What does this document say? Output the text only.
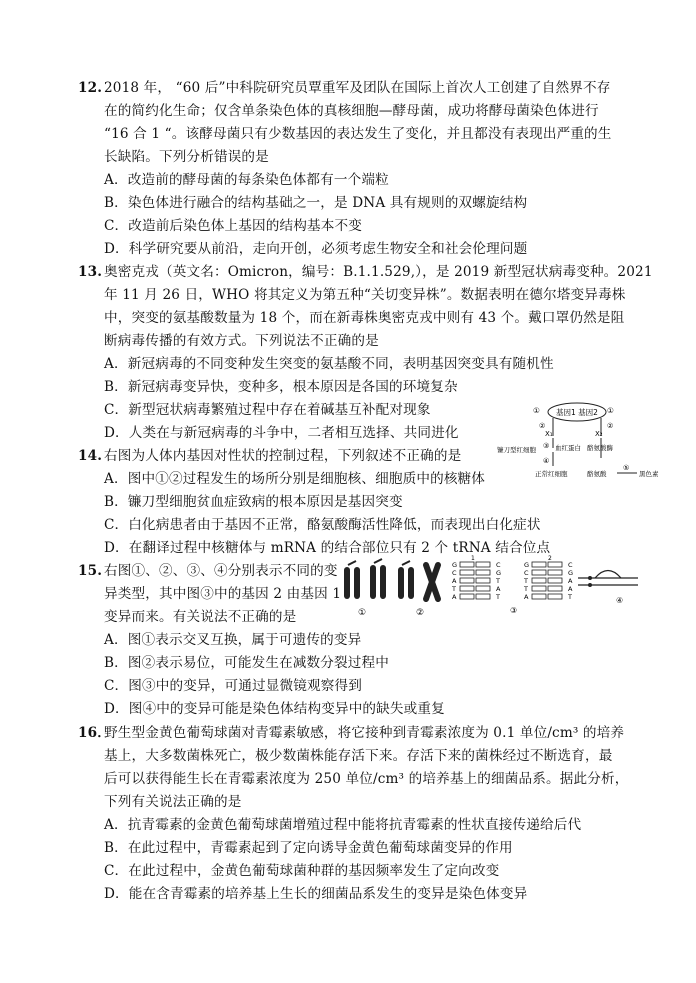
12. 2018 年， “60 后”中科院研究员覃重军及团队在国际上首次人工创建了自然界不存
在的简约化生命；仅含单条染色体的真核细胞—酵母菌，成功将酵母菌染色体进行
“16 合 1 “。该酵母菌只有少数基因的表达发生了变化，并且都没有表现出严重的生
长缺陷。下列分析错误的是
A．改造前的酵母菌的每条染色体都有一个端粒
B．染色体进行融合的结构基础之一，是 DNA 具有规则的双螺旋结构
C．改造前后染色体上基因的结构基本不变
D．科学研究要从前沿，走向开创，必须考虑生物安全和社会伦理问题
13. 奥密克戎（英文名：Omicron，编号：B.1.1.529,），是 2019 新型冠状病毒变种。2021
年 11 月 26 日，WHO 将其定义为第五种“关切变异株”。数据表明在德尔塔变异毒株
中，突变的氨基酸数量为 18 个，而在新毒株奥密克戎中则有 43 个。戴口罩仍然是阻
断病毒传播的有效方式。下列说法不正确的是
A．新冠病毒的不同变种发生突变的氨基酸不同，表明基因突变具有随机性
B．新冠病毒变异快，变种多，根本原因是各国的环境复杂
C．新型冠状病毒繁殖过程中存在着碱基互补配对现象
D．人类在与新冠病毒的斗争中，二者相互选择、共同进化
14. 右图为人体内基因对性状的控制过程，下列叙述不正确的是
A．图中①②过程发生的场所分别是细胞核、细胞质中的核糖体
B．镰刀型细胞贫血症致病的根本原因是基因突变
C．白化病患者由于基因不正常，酪氨酸酶活性降低，而表现出白化症状
D．在翻译过程中核糖体与 mRNA 的结合部位只有 2 个 tRNA 结合位点
基因1 基因2
①	①
X₁	X₂
②	②
血红蛋白
③
镰刀型红细胞
④
正常红细胞
酪氨酸酶
酪氨酸
⑤
黑色素
15. 右图①、②、③、④分别表示不同的变
异类型，其中图③中的基因 2 由基因 1
变异而来。有关说法不正确的是
A．图①表示交叉互换，属于可遗传的变异
B．图②表示易位，可能发生在减数分裂过程中
C．图③中的变异，可通过显微镜观察得到
D．图④中的变异可能是染色体结构变异中的缺失或重复
①	②
1	2
G
C
A
T
A
C
G
T
A
T
G
C
T
T
A
C
G
A
A
T
③
④
16．
野生型金黄色葡萄球菌对青霉素敏感，将它接种到青霉素浓度为 0.1 单位/cm³ 的培养
基上，大多数菌株死亡，极少数菌株能存活下来。存活下来的菌株经过不断选育，最
后可以获得能生长在青霉素浓度为 250 单位/cm³ 的培养基上的细菌品系。据此分析，
下列有关说法正确的是
A．抗青霉素的金黄色葡萄球菌增殖过程中能将抗青霉素的性状直接传递给后代
B．在此过程中，青霉素起到了定向诱导金黄色葡萄球菌变异的作用
C．在此过程中，金黄色葡萄球菌种群的基因频率发生了定向改变
D．能在含青霉素的培养基上生长的细菌品系发生的变异是染色体变异
